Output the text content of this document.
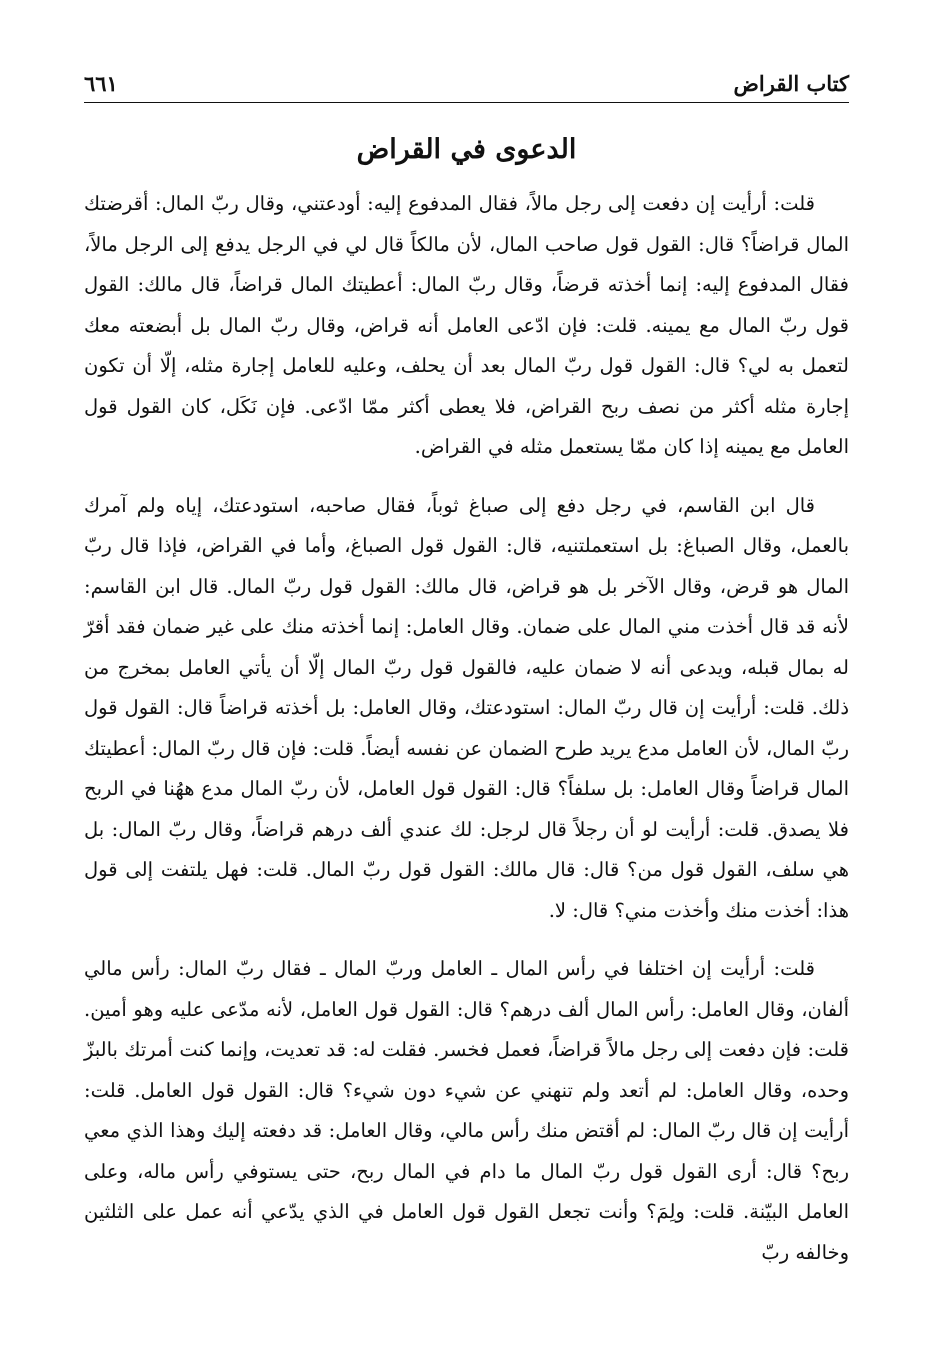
كتاب القراض
٦٦١
الدعوى في القراض

قلت: أرأيت إن دفعت إلى رجل مالاً، فقال المدفوع إليه: أودعتني، وقال ربّ المال: أقرضتك المال قراضاً؟ قال: القول قول صاحب المال، لأن مالكاً قال لي في الرجل يدفع إلى الرجل مالاً، فقال المدفوع إليه: إنما أخذته قرضاً، وقال ربّ المال: أعطيتك المال قراضاً، قال مالك: القول قول ربّ المال مع يمينه. قلت: فإن ادّعى العامل أنه قراض، وقال ربّ المال بل أبضعته معك لتعمل به لي؟ قال: القول قول ربّ المال بعد أن يحلف، وعليه للعامل إجارة مثله، إلّا أن تكون إجارة مثله أكثر من نصف ربح القراض، فلا يعطى أكثر ممّا ادّعى. فإن نَكَل، كان القول قول العامل مع يمينه إذا كان ممّا يستعمل مثله في القراض.

قال ابن القاسم، في رجل دفع إلى صباغ ثوباً، فقال صاحبه، استودعتك، إياه ولم آمرك بالعمل، وقال الصباغ: بل استعملتنيه، قال: القول قول الصباغ، وأما في القراض، فإذا قال ربّ المال هو قرض، وقال الآخر بل هو قراض، قال مالك: القول قول ربّ المال. قال ابن القاسم: لأنه قد قال أخذت مني المال على ضمان. وقال العامل: إنما أخذته منك على غير ضمان فقد أقرّ له بمال قبله، ويدعى أنه لا ضمان عليه، فالقول قول ربّ المال إلّا أن يأتي العامل بمخرج من ذلك. قلت: أرأيت إن قال ربّ المال: استودعتك، وقال العامل: بل أخذته قراضاً قال: القول قول ربّ المال، لأن العامل مدع يريد طرح الضمان عن نفسه أيضاً. قلت: فإن قال ربّ المال: أعطيتك المال قراضاً وقال العامل: بل سلفاً؟ قال: القول قول العامل، لأن ربّ المال مدع ههُنا في الربح فلا يصدق. قلت: أرأيت لو أن رجلاً قال لرجل: لك عندي ألف درهم قراضاً، وقال ربّ المال: بل هي سلف، القول قول من؟ قال: قال مالك: القول قول ربّ المال. قلت: فهل يلتفت إلى قول هذا: أخذت منك وأخذت مني؟ قال: لا.

قلت: أرأيت إن اختلفا في رأس المال ـ العامل وربّ المال ـ فقال ربّ المال: رأس مالي ألفان، وقال العامل: رأس المال ألف درهم؟ قال: القول قول العامل، لأنه مدّعى عليه وهو أمين. قلت: فإن دفعت إلى رجل مالاً قراضاً، فعمل فخسر. فقلت له: قد تعديت، وإنما كنت أمرتك بالبزّ وحده، وقال العامل: لم أتعد ولم تنهني عن شيء دون شيء؟ قال: القول قول العامل. قلت: أرأيت إن قال ربّ المال: لم أقتض منك رأس مالي، وقال العامل: قد دفعته إليك وهذا الذي معي ربح؟ قال: أرى القول قول ربّ المال ما دام في المال ربح، حتى يستوفي رأس ماله، وعلى العامل البيّنة. قلت: ولِمَ؟ وأنت تجعل القول قول العامل في الذي يدّعي أنه عمل على الثلثين وخالفه ربّ
